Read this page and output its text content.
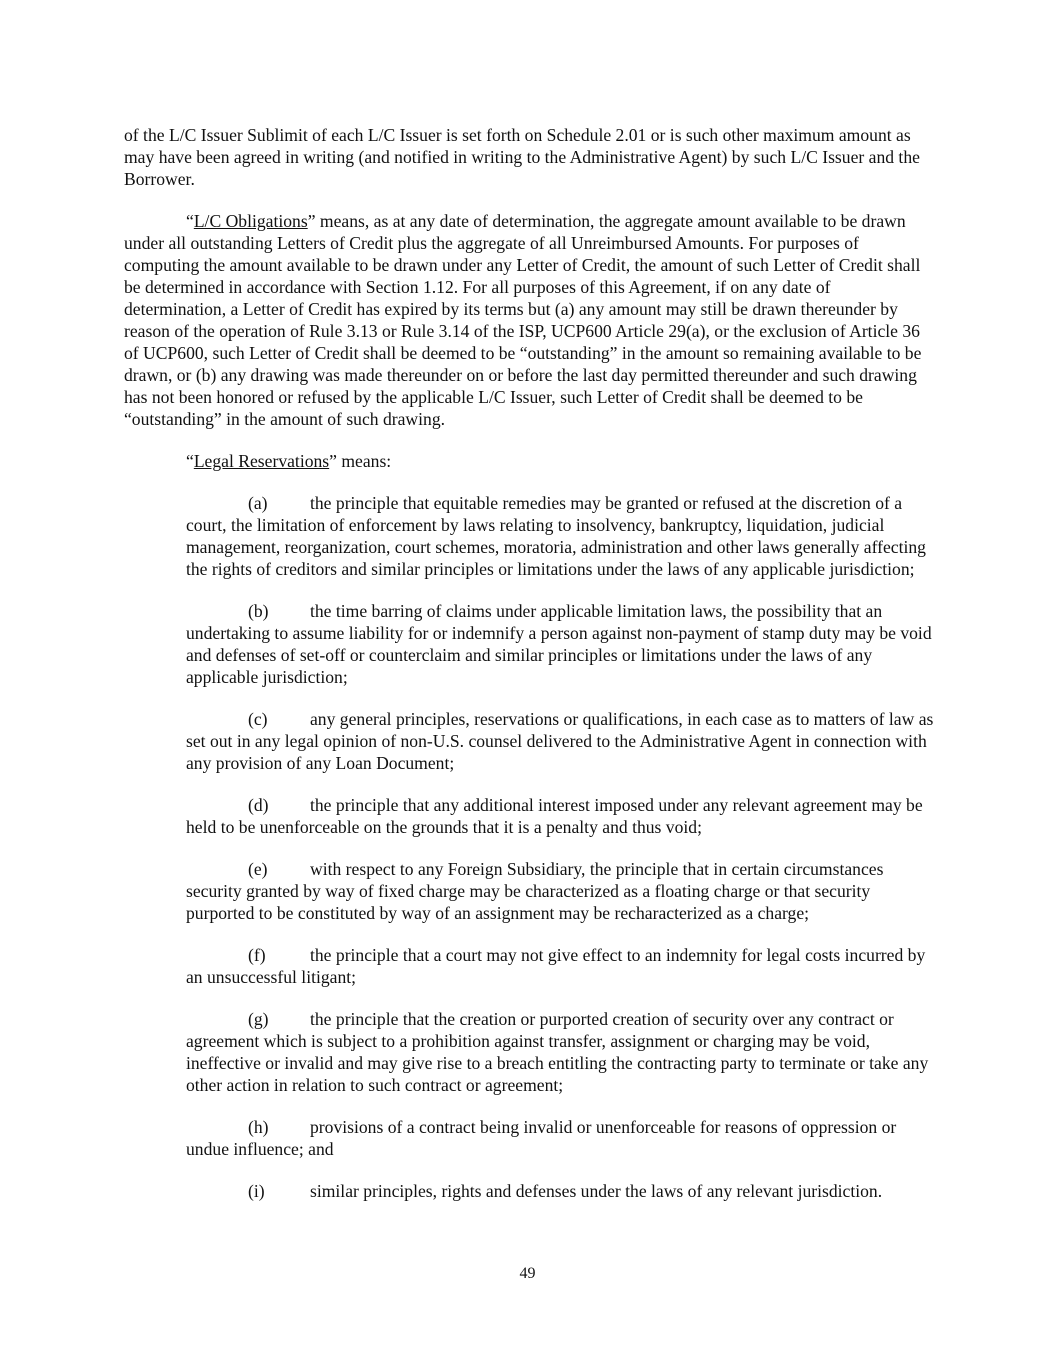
of the L/C Issuer Sublimit of each L/C Issuer is set forth on Schedule 2.01 or is such other maximum amount as may have been agreed in writing (and notified in writing to the Administrative Agent) by such L/C Issuer and the Borrower.

“L/C Obligations” means, as at any date of determination, the aggregate amount available to be drawn under all outstanding Letters of Credit plus the aggregate of all Unreimbursed Amounts. For purposes of computing the amount available to be drawn under any Letter of Credit, the amount of such Letter of Credit shall be determined in accordance with Section 1.12. For all purposes of this Agreement, if on any date of determination, a Letter of Credit has expired by its terms but (a) any amount may still be drawn thereunder by reason of the operation of Rule 3.13 or Rule 3.14 of the ISP, UCP600 Article 29(a), or the exclusion of Article 36 of UCP600, such Letter of Credit shall be deemed to be “outstanding” in the amount so remaining available to be drawn, or (b) any drawing was made thereunder on or before the last day permitted thereunder and such drawing has not been honored or refused by the applicable L/C Issuer, such Letter of Credit shall be deemed to be “outstanding” in the amount of such drawing.

“Legal Reservations” means:

(a) the principle that equitable remedies may be granted or refused at the discretion of a court, the limitation of enforcement by laws relating to insolvency, bankruptcy, liquidation, judicial management, reorganization, court schemes, moratoria, administration and other laws generally affecting the rights of creditors and similar principles or limitations under the laws of any applicable jurisdiction;
(b) the time barring of claims under applicable limitation laws, the possibility that an undertaking to assume liability for or indemnify a person against non-payment of stamp duty may be void and defenses of set-off or counterclaim and similar principles or limitations under the laws of any applicable jurisdiction;
(c) any general principles, reservations or qualifications, in each case as to matters of law as set out in any legal opinion of non-U.S. counsel delivered to the Administrative Agent in connection with any provision of any Loan Document;
(d) the principle that any additional interest imposed under any relevant agreement may be held to be unenforceable on the grounds that it is a penalty and thus void;
(e) with respect to any Foreign Subsidiary, the principle that in certain circumstances security granted by way of fixed charge may be characterized as a floating charge or that security purported to be constituted by way of an assignment may be recharacterized as a charge;
(f)	the principle that a court may not give effect to an indemnity for legal costs incurred by an unsuccessful litigant;
(g) the principle that the creation or purported creation of security over any contract or agreement which is subject to a prohibition against transfer, assignment or charging may be void, ineffective or invalid and may give rise to a breach entitling the contracting party to terminate or take any other action in relation to such contract or agreement;
(h) provisions of a contract being invalid or unenforceable for reasons of oppression or undue influence; and
(i)	similar principles, rights and defenses under the laws of any relevant jurisdiction.
49
